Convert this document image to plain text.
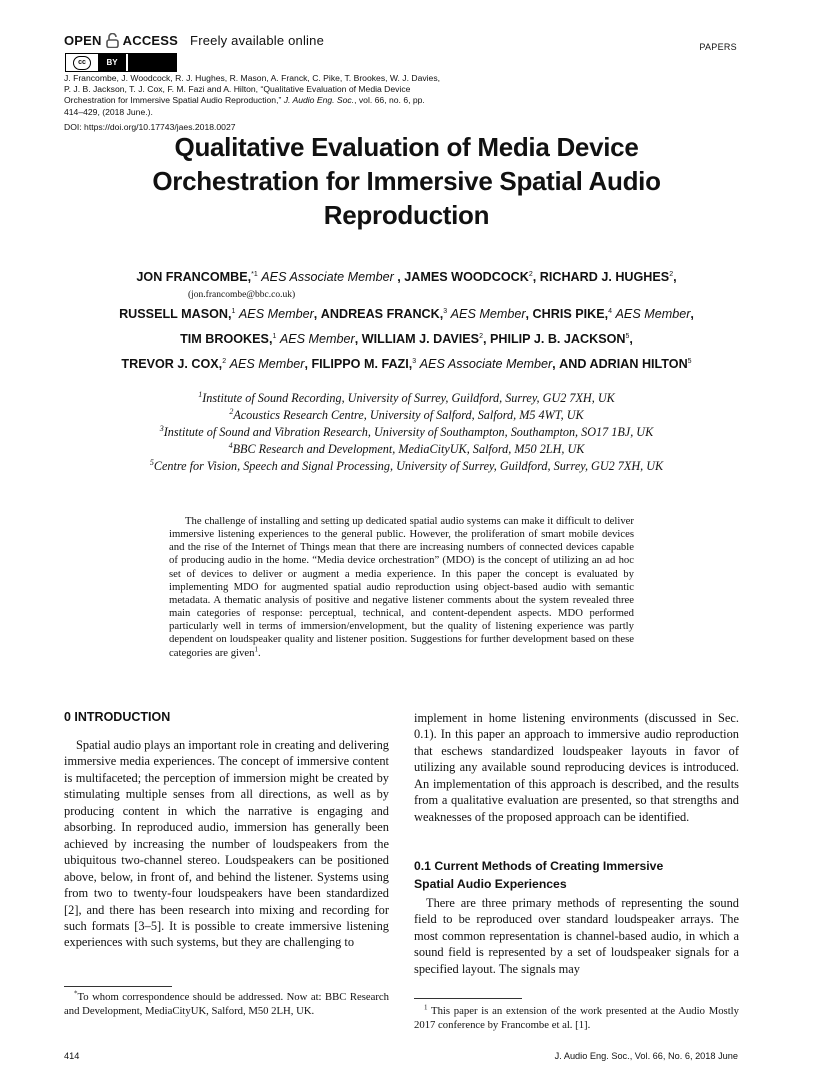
OPEN ACCESS Freely available online	PAPERS
cc	BY
J. Francombe, J. Woodcock, R. J. Hughes, R. Mason, A. Franck, C. Pike, T. Brookes, W. J. Davies, P. J. B. Jackson, T. J. Cox, F. M. Fazi and A. Hilton, “Qualitative Evaluation of Media Device Orchestration for Immersive Spatial Audio Reproduction,” J. Audio Eng. Soc., vol. 66, no. 6, pp. 414–429, (2018 June.).
DOI: https://doi.org/10.17743/jaes.2018.0027
Qualitative Evaluation of Media Device
Orchestration for Immersive Spatial Audio
Reproduction
JON FRANCOMBE,$^{*1}$ AES Associate Member , JAMES WOODCOCK$^2$, RICHARD J. HUGHES$^2$,
(jon.francombe@bbc.co.uk)
RUSSELL MASON,$^1$ AES Member, ANDREAS FRANCK,$^3$ AES Member, CHRIS PIKE,$^4$ AES Member,
TIM BROOKES,$^1$ AES Member, WILLIAM J. DAVIES$^2$, PHILIP J. B. JACKSON$^5$,
TREVOR J. COX,$^2$ AES Member, FILIPPO M. FAZI,$^3$ AES Associate Member, AND ADRIAN HILTON$^5$
$^1$Institute of Sound Recording, University of Surrey, Guildford, Surrey, GU2 7XH, UK
$^2$Acoustics Research Centre, University of Salford, Salford, M5 4WT, UK
$^3$Institute of Sound and Vibration Research, University of Southampton, Southampton, SO17 1BJ, UK
$^4$BBC Research and Development, MediaCityUK, Salford, M50 2LH, UK
$^5$Centre for Vision, Speech and Signal Processing, University of Surrey, Guildford, Surrey, GU2 7XH, UK
The challenge of installing and setting up dedicated spatial audio systems can make it difficult to deliver immersive listening experiences to the general public. However, the proliferation of smart mobile devices and the rise of the Internet of Things mean that there are increasing numbers of connected devices capable of producing audio in the home. “Media device orchestration” (MDO) is the concept of utilizing an ad hoc set of devices to deliver or augment a media experience. In this paper the concept is evaluated by implementing MDO for augmented spatial audio reproduction using object-based audio with semantic metadata. A thematic analysis of positive and negative listener comments about the system revealed three main categories of response: perceptual, technical, and content-dependent aspects. MDO performed particularly well in terms of immersion/envelopment, but the quality of listening experience was partly dependent on loudspeaker quality and listener position. Suggestions for further development based on these categories are given$^1$.
0 INTRODUCTION

Spatial audio plays an important role in creating and delivering immersive media experiences. The concept of immersive content is multifaceted; the perception of immersion might be created by stimulating multiple senses from all directions, as well as by producing content in which the narrative is engaging and absorbing. In reproduced audio, immersion has generally been achieved by increasing the number of loudspeakers from the ubiquitous two-channel stereo. Loudspeakers can be positioned above, below, in front of, and behind the listener. Systems using from two to twenty-four loudspeakers have been standardized [2], and there has been research into mixing and recording for such formats [3–5]. It is possible to create immersive listening experiences with such systems, but they are challenging to

implement in home listening environments (discussed in Sec. 0.1). In this paper an approach to immersive audio reproduction that eschews standardized loudspeaker layouts in favor of utilizing any available sound reproducing devices is introduced. An implementation of this approach is described, and the results from a qualitative evaluation are presented, so that strengths and weaknesses of the proposed approach can be identified.

0.1 Current Methods of Creating Immersive
Spatial Audio Experiences

There are three primary methods of representing the sound field to be reproduced over standard loudspeaker arrays. The most common representation is channel-based audio, in which a sound field is represented by a set of loudspeaker signals for a specified layout. The signals may

*To whom correspondence should be addressed. Now at: BBC Research and Development, MediaCityUK, Salford, M50 2LH, UK.	$^1$ This paper is an extension of the work presented at the Audio Mostly 2017 conference by Francombe et al. [1].

414	J. Audio Eng. Soc., Vol. 66, No. 6, 2018 June
